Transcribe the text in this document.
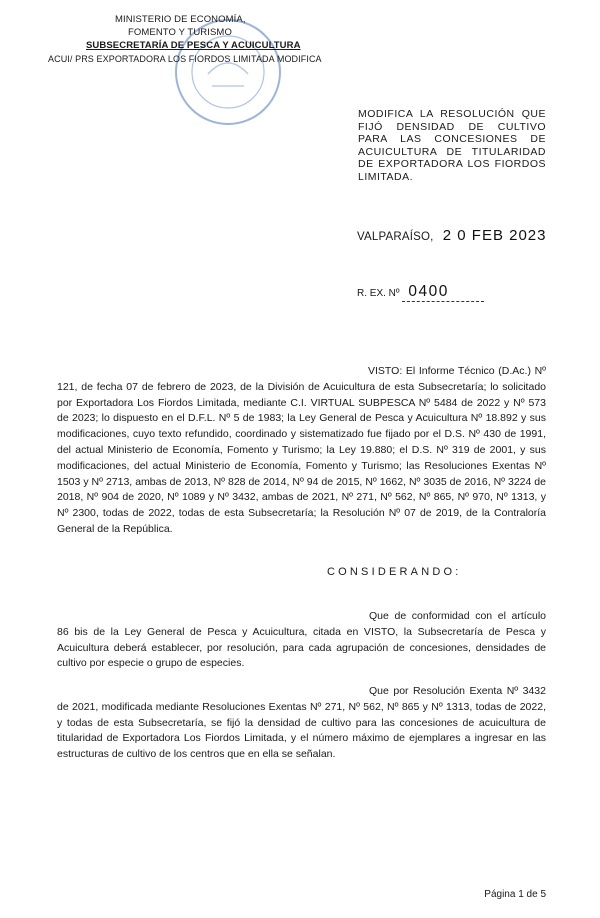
MINISTERIO DE ECONOMÍA,
FOMENTO Y TURISMO
SUBSECRETARÍA DE PESCA Y ACUICULTURA
ACUI/ PRS EXPORTADORA LOS FIORDOS LIMITADA MODIFICA
MODIFICA LA RESOLUCIÓN QUE FIJÓ DENSIDAD DE CULTIVO PARA LAS CONCESIONES DE ACUICULTURA DE TITULARIDAD DE EXPORTADORA LOS FIORDOS LIMITADA.
VALPARAÍSO, 2 0 FEB 2023
R. EX. Nº 0400
VISTO: El Informe Técnico (D.Ac.) Nº 121, de fecha 07 de febrero de 2023, de la División de Acuicultura de esta Subsecretaría; lo solicitado por Exportadora Los Fiordos Limitada, mediante C.I. VIRTUAL SUBPESCA Nº 5484 de 2022 y Nº 573 de 2023; lo dispuesto en el D.F.L. Nº 5 de 1983; la Ley General de Pesca y Acuicultura Nº 18.892 y sus modificaciones, cuyo texto refundido, coordinado y sistematizado fue fijado por el D.S. Nº 430 de 1991, del actual Ministerio de Economía, Fomento y Turismo; la Ley 19.880; el D.S. Nº 319 de 2001, y sus modificaciones, del actual Ministerio de Economía, Fomento y Turismo; las Resoluciones Exentas Nº 1503 y Nº 2713, ambas de 2013, Nº 828 de 2014, Nº 94 de 2015, Nº 1662, Nº 3035 de 2016, Nº 3224 de 2018, Nº 904 de 2020, Nº 1089 y Nº 3432, ambas de 2021, Nº 271, Nº 562, Nº 865, Nº 970, Nº 1313, y Nº 2300, todas de 2022, todas de esta Subsecretaría; la Resolución Nº 07 de 2019, de la Contraloría General de la República.
CONSIDERANDO:
Que de conformidad con el artículo 86 bis de la Ley General de Pesca y Acuicultura, citada en VISTO, la Subsecretaría de Pesca y Acuicultura deberá establecer, por resolución, para cada agrupación de concesiones, densidades de cultivo por especie o grupo de especies.
Que por Resolución Exenta Nº 3432 de 2021, modificada mediante Resoluciones Exentas Nº 271, Nº 562, Nº 865 y Nº 1313, todas de 2022, y todas de esta Subsecretaría, se fijó la densidad de cultivo para las concesiones de acuicultura de titularidad de Exportadora Los Fiordos Limitada, y el número máximo de ejemplares a ingresar en las estructuras de cultivo de los centros que en ella se señalan.
Página 1 de 5
